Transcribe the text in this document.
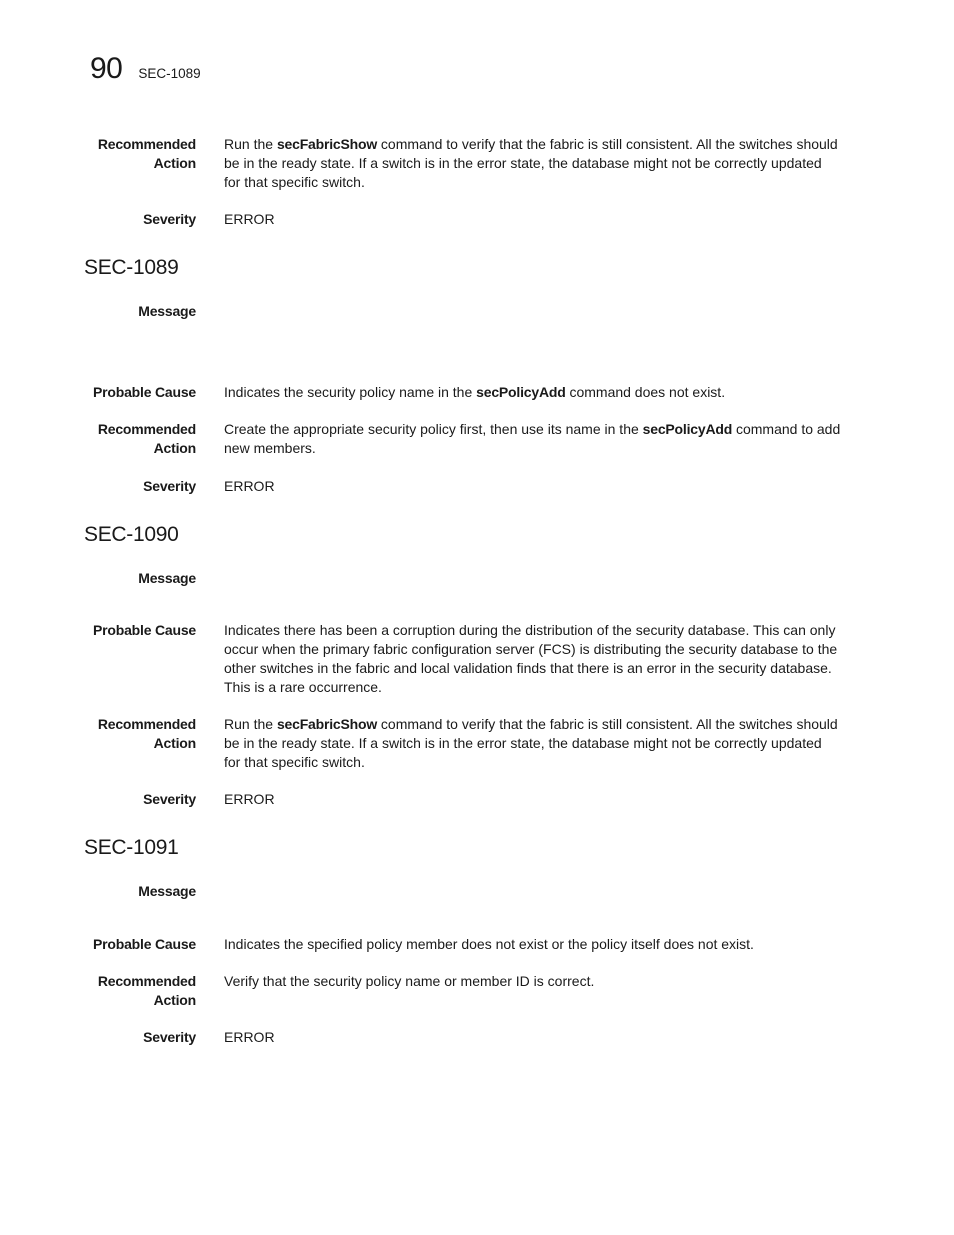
90 SEC-1089
Recommended
Action
Run the secFabricShow command to verify that the fabric is still consistent. All the switches should
be in the ready state. If a switch is in the error state, the database might not be correctly updated
for that specific switch.
Severity ERROR
SEC-1089
Message
Probable Cause Indicates the security policy name in the secPolicyAdd command does not exist.
Recommended
Action
Create the appropriate security policy first, then use its name in the secPolicyAdd command to add
new members.
Severity ERROR
SEC-1090
Message
Probable Cause Indicates there has been a corruption during the distribution of the security database. This can only
occur when the primary fabric configuration server (FCS) is distributing the security database to the
other switches in the fabric and local validation finds that there is an error in the security database.
This is a rare occurrence.
Recommended
Action
Run the secFabricShow command to verify that the fabric is still consistent. All the switches should
be in the ready state. If a switch is in the error state, the database might not be correctly updated
for that specific switch.
Severity ERROR
SEC-1091
Message
Probable Cause Indicates the specified policy member does not exist or the policy itself does not exist.
Recommended
Action
Verify that the security policy name or member ID is correct.
Severity ERROR
